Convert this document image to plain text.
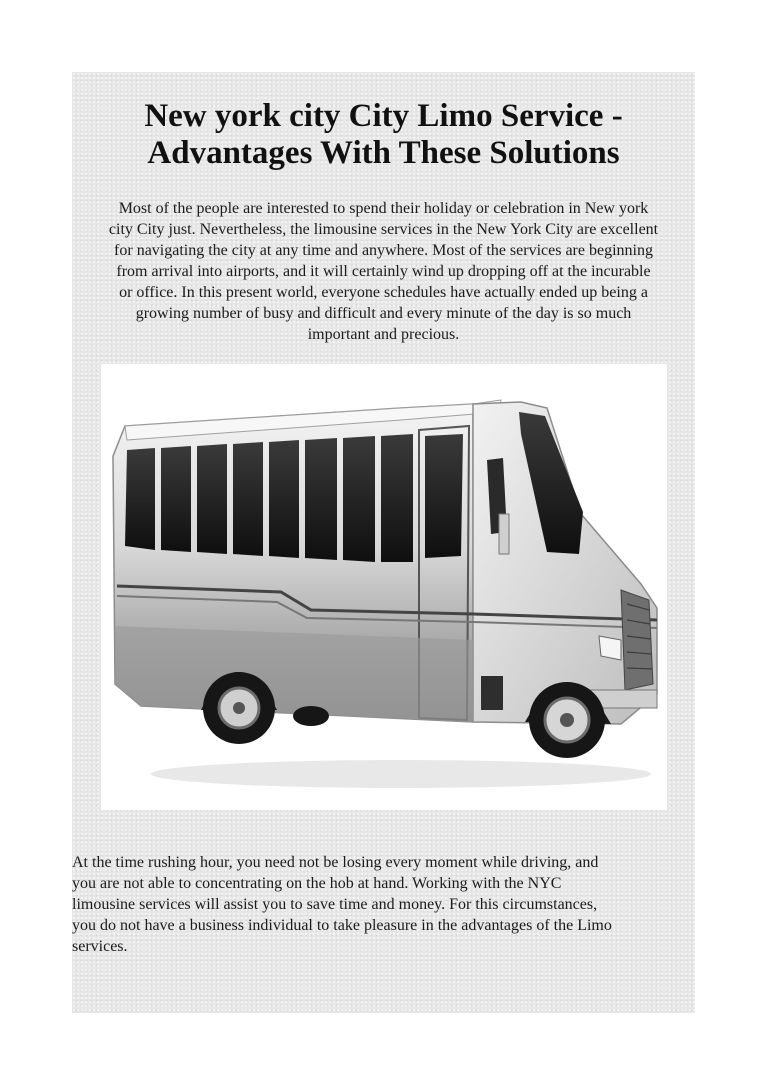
New york city City Limo Service -
Advantages With These Solutions

Most of the people are interested to spend their holiday or celebration in New york
city City just. Nevertheless, the limousine services in the New York City are excellent
for navigating the city at any time and anywhere. Most of the services are beginning
from arrival into airports, and it will certainly wind up dropping off at the incurable
or office. In this present world, everyone schedules have actually ended up being a
growing number of busy and difficult and every minute of the day is so much
important and precious.

At the time rushing hour, you need not be losing every moment while driving, and
you are not able to concentrating on the hob at hand. Working with the NYC
limousine services will assist you to save time and money. For this circumstances,
you do not have a business individual to take pleasure in the advantages of the Limo
services.
